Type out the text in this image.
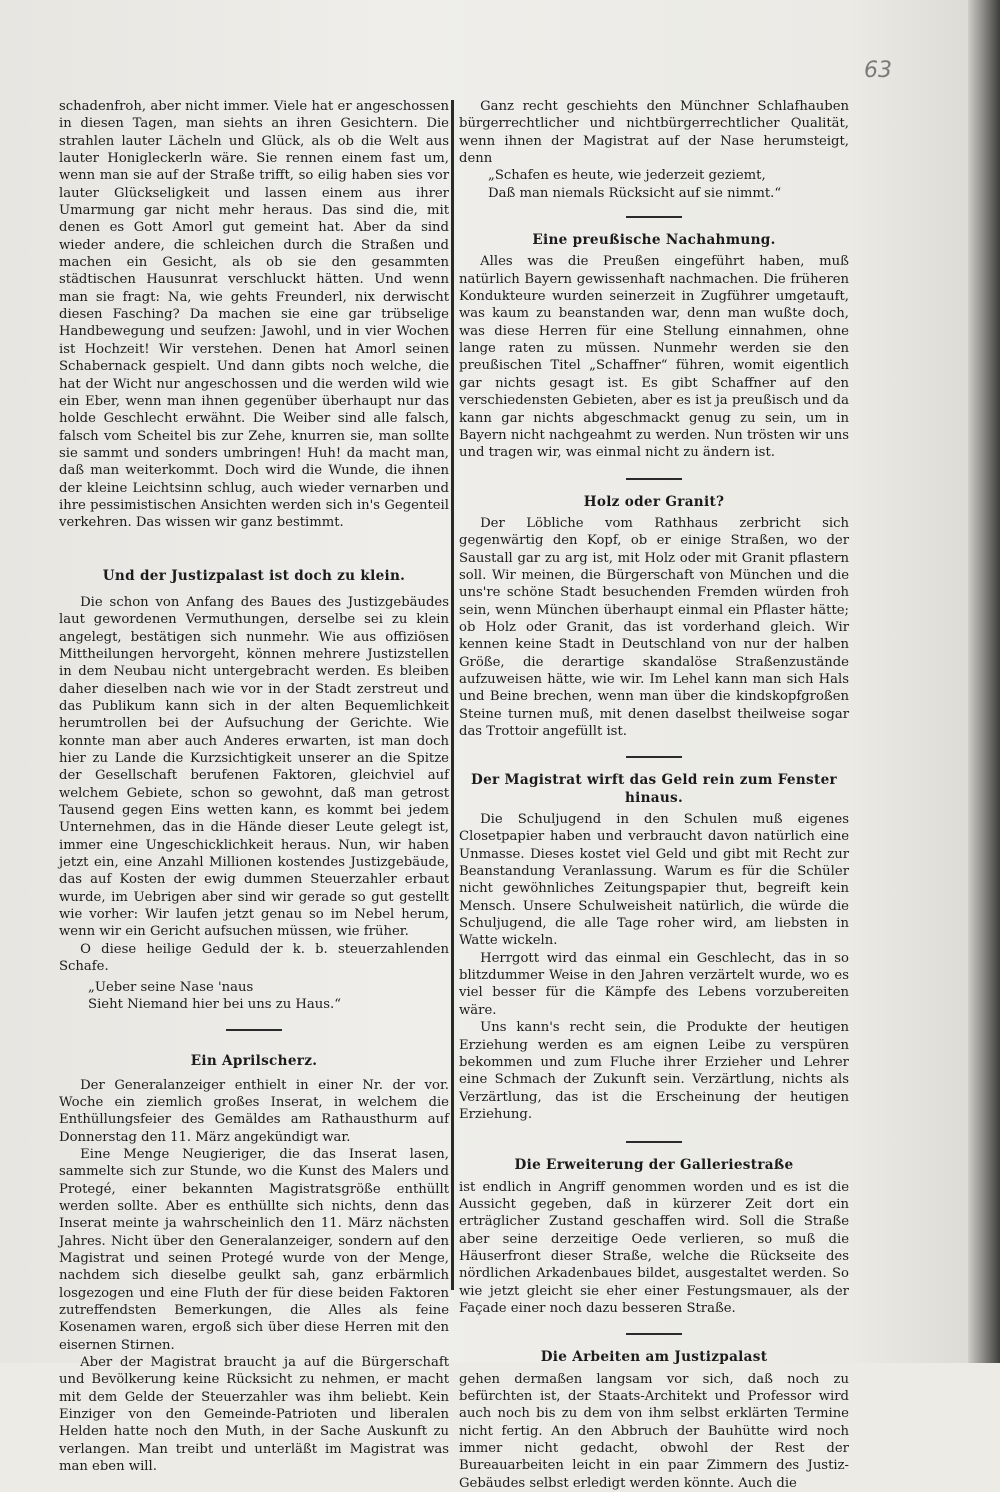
63

schadenfroh, aber nicht immer. Viele hat er angeschossen in diesen Tagen, man siehts an ihren Gesichtern. Die strahlen lauter Lächeln und Glück, als ob die Welt aus lauter Honigleckerln wäre. Sie rennen einem fast um, wenn man sie auf der Straße trifft, so eilig haben sies vor lauter Glückseligkeit und lassen einem aus ihrer Umarmung gar nicht mehr heraus. Das sind die, mit denen es Gott Amorl gut gemeint hat. Aber da sind wieder andere, die schleichen durch die Straßen und machen ein Gesicht, als ob sie den gesammten städtischen Hausunrat verschluckt hätten. Und wenn man sie fragt: Na, wie gehts Freunderl, nix derwischt diesen Fasching? Da machen sie eine gar trübselige Handbewegung und seufzen: Jawohl, und in vier Wochen ist Hochzeit! Wir verstehen. Denen hat Amorl seinen Schabernack gespielt. Und dann gibts noch welche, die hat der Wicht nur angeschossen und die werden wild wie ein Eber, wenn man ihnen gegenüber überhaupt nur das holde Geschlecht erwähnt. Die Weiber sind alle falsch, falsch vom Scheitel bis zur Zehe, knurren sie, man sollte sie sammt und sonders umbringen! Huh! da macht man, daß man weiterkommt. Doch wird die Wunde, die ihnen der kleine Leichtsinn schlug, auch wieder vernarben und ihre pessimistischen Ansichten werden sich in's Gegenteil verkehren. Das wissen wir ganz bestimmt.

Und der Justizpalast ist doch zu klein.

Die schon von Anfang des Baues des Justizgebäudes laut gewordenen Vermuthungen, derselbe sei zu klein angelegt, bestätigen sich nunmehr. Wie aus offiziösen Mittheilungen hervorgeht, können mehrere Justizstellen in dem Neubau nicht untergebracht werden. Es bleiben daher dieselben nach wie vor in der Stadt zerstreut und das Publikum kann sich in der alten Bequemlichkeit herumtrollen bei der Aufsuchung der Gerichte. Wie konnte man aber auch Anderes erwarten, ist man doch hier zu Lande die Kurzsichtigkeit unserer an die Spitze der Gesellschaft berufenen Faktoren, gleichviel auf welchem Gebiete, schon so gewohnt, daß man getrost Tausend gegen Eins wetten kann, es kommt bei jedem Unternehmen, das in die Hände dieser Leute gelegt ist, immer eine Ungeschicklichkeit heraus. Nun, wir haben jetzt ein, eine Anzahl Millionen kostendes Justizgebäude, das auf Kosten der ewig dummen Steuerzahler erbaut wurde, im Uebrigen aber sind wir gerade so gut gestellt wie vorher: Wir laufen jetzt genau so im Nebel herum, wenn wir ein Gericht aufsuchen müssen, wie früher.

O diese heilige Geduld der k. b. steuerzahlenden Schafe.

„Ueber seine Nase 'naus

Sieht Niemand hier bei uns zu Haus.“

Ein Aprilscherz.

Der Generalanzeiger enthielt in einer Nr. der vor. Woche ein ziemlich großes Inserat, in welchem die Enthüllungsfeier des Gemäldes am Rathausthurm auf Donnerstag den 11. März angekündigt war.

Eine Menge Neugieriger, die das Inserat lasen, sammelte sich zur Stunde, wo die Kunst des Malers und Protegé, einer bekannten Magistratsgröße enthüllt werden sollte. Aber es enthüllte sich nichts, denn das Inserat meinte ja wahrscheinlich den 11. März nächsten Jahres. Nicht über den Generalanzeiger, sondern auf den Magistrat und seinen Protegé wurde von der Menge, nachdem sich dieselbe geulkt sah, ganz erbärmlich losgezogen und eine Fluth der für diese beiden Faktoren zutreffendsten Bemerkungen, die Alles als feine Kosenamen waren, ergoß sich über diese Herren mit den eisernen Stirnen.

Aber der Magistrat braucht ja auf die Bürgerschaft und Bevölkerung keine Rücksicht zu nehmen, er macht mit dem Gelde der Steuerzahler was ihm beliebt. Kein Einziger von den Gemeinde-Patrioten und liberalen Helden hatte noch den Muth, in der Sache Auskunft zu verlangen. Man treibt und unterläßt im Magistrat was man eben will.

Ganz recht geschiehts den Münchner Schlafhauben bürgerrechtlicher und nichtbürgerrechtlicher Qualität, wenn ihnen der Magistrat auf der Nase herumsteigt, denn

„Schafen es heute, wie jederzeit geziemt,

Daß man niemals Rücksicht auf sie nimmt.“

Eine preußische Nachahmung.

Alles was die Preußen eingeführt haben, muß natürlich Bayern gewissenhaft nachmachen. Die früheren Kondukteure wurden seinerzeit in Zugführer umgetauft, was kaum zu beanstanden war, denn man wußte doch, was diese Herren für eine Stellung einnahmen, ohne lange raten zu müssen. Nunmehr werden sie den preußischen Titel „Schaffner“ führen, womit eigentlich gar nichts gesagt ist. Es gibt Schaffner auf den verschiedensten Gebieten, aber es ist ja preußisch und da kann gar nichts abgeschmackt genug zu sein, um in Bayern nicht nachgeahmt zu werden. Nun trösten wir uns und tragen wir, was einmal nicht zu ändern ist.

Holz oder Granit?

Der Löbliche vom Rathhaus zerbricht sich gegenwärtig den Kopf, ob er einige Straßen, wo der Saustall gar zu arg ist, mit Holz oder mit Granit pflastern soll. Wir meinen, die Bürgerschaft von München und die uns're schöne Stadt besuchenden Fremden würden froh sein, wenn München überhaupt einmal ein Pflaster hätte; ob Holz oder Granit, das ist vorderhand gleich. Wir kennen keine Stadt in Deutschland von nur der halben Größe, die derartige skandalöse Straßenzustände aufzuweisen hätte, wie wir. Im Lehel kann man sich Hals und Beine brechen, wenn man über die kindskopfgroßen Steine turnen muß, mit denen daselbst theilweise sogar das Trottoir angefüllt ist.

Der Magistrat wirft das Geld rein zum Fenster hinaus.

Die Schuljugend in den Schulen muß eigenes Closetpapier haben und verbraucht davon natürlich eine Unmasse. Dieses kostet viel Geld und gibt mit Recht zur Beanstandung Veranlassung. Warum es für die Schüler nicht gewöhnliches Zeitungspapier thut, begreift kein Mensch. Unsere Schulweisheit natürlich, die würde die Schuljugend, die alle Tage roher wird, am liebsten in Watte wickeln.

Herrgott wird das einmal ein Geschlecht, das in so blitzdummer Weise in den Jahren verzärtelt wurde, wo es viel besser für die Kämpfe des Lebens vorzubereiten wäre.

Uns kann's recht sein, die Produkte der heutigen Erziehung werden es am eignen Leibe zu verspüren bekommen und zum Fluche ihrer Erzieher und Lehrer eine Schmach der Zukunft sein. Verzärtlung, nichts als Verzärtlung, das ist die Erscheinung der heutigen Erziehung.

Die Erweiterung der Galleriestraße

ist endlich in Angriff genommen worden und es ist die Aussicht gegeben, daß in kürzerer Zeit dort ein erträglicher Zustand geschaffen wird. Soll die Straße aber seine derzeitige Oede verlieren, so muß die Häuserfront dieser Straße, welche die Rückseite des nördlichen Arkadenbaues bildet, ausgestaltet werden. So wie jetzt gleicht sie eher einer Festungsmauer, als der Façade einer noch dazu besseren Straße.

Die Arbeiten am Justizpalast

gehen dermaßen langsam vor sich, daß noch zu befürchten ist, der Staats-Architekt und Professor wird auch noch bis zu dem von ihm selbst erklärten Termine nicht fertig. An den Abbruch der Bauhütte wird noch immer nicht gedacht, obwohl der Rest der Bureauarbeiten leicht in ein paar Zimmern des Justiz-Gebäudes selbst erledigt werden könnte. Auch die
